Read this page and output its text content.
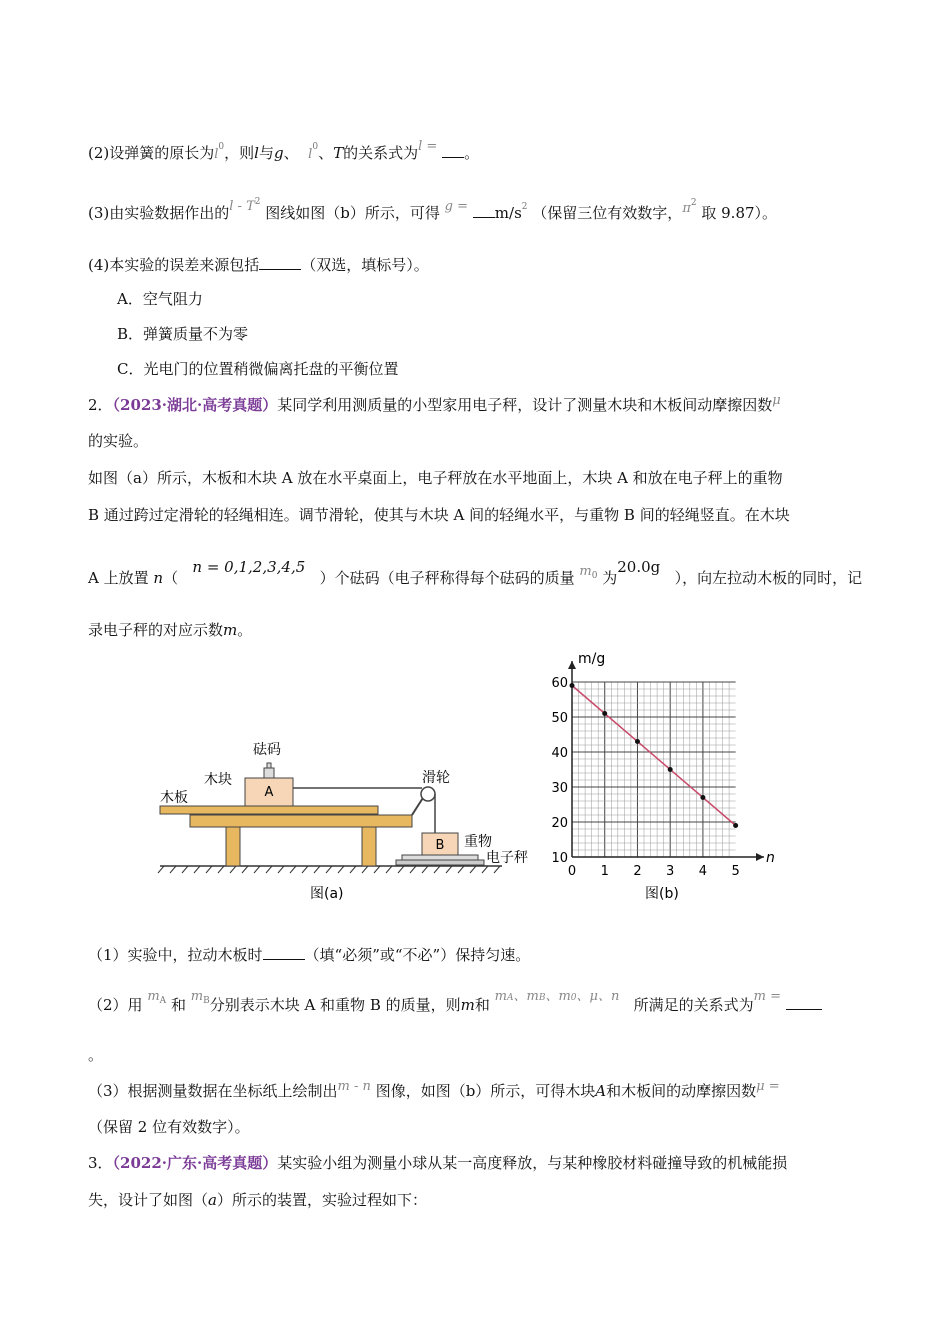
(2)设弹簧的原长为$l^0$，则l与g、 $l^0$、T的关系式为l = 。
(3)由实验数据作出的l - $T^2$ 图线如图（b）所示，可得 $g = m/s^2$ （保留三位有效数字，$\pi^2$ 取 9.87）。
(4)本实验的误差来源包括	（双选，填标号）。
A．空气阻力
B．弹簧质量不为零
C．光电门的位置稍微偏离托盘的平衡位置
2．（2023·湖北·高考真题）某同学利用测质量的小型家用电子秤，设计了测量木块和木板间动摩擦因数μ
的实验。
如图（a）所示，木板和木块 A 放在水平桌面上，电子秤放在水平地面上，木块 A 和放在电子秤上的重物
B 通过跨过定滑轮的轻绳相连。调节滑轮，使其与木块 A 间的轻绳水平，与重物 B 间的轻绳竖直。在木块
A 上放置 n（   n = 0,1,2,3,4,5   ）个砝码（电子秤称得每个砝码的质量 $m^0$ 为20.0g   ），向左拉动木板的同时，记
录电子秤的对应示数m。
A
B
砝码
木块
木板
滑轮
重物
电子秤
图(a)
0 1 2 3 4 5
10
20
30
40
50
60
m/g
n
图(b)
（1）实验中，拉动木板时	（填“必须”或“不必”）保持匀速。
（2）用 $m^A$ 和 $m^B$分别表示木块 A 和重物 B 的质量，则m和 mA、mB、m0、μ、n 所满足的关系式为m =
。
（3）根据测量数据在坐标纸上绘制出m - n 图像，如图（b）所示，可得木块A和木板间的动摩擦因数μ =
（保留 2 位有效数字）。
3．（2022·广东·高考真题）某实验小组为测量小球从某一高度释放，与某种橡胶材料碰撞导致的机械能损
失，设计了如图（a）所示的装置，实验过程如下：
